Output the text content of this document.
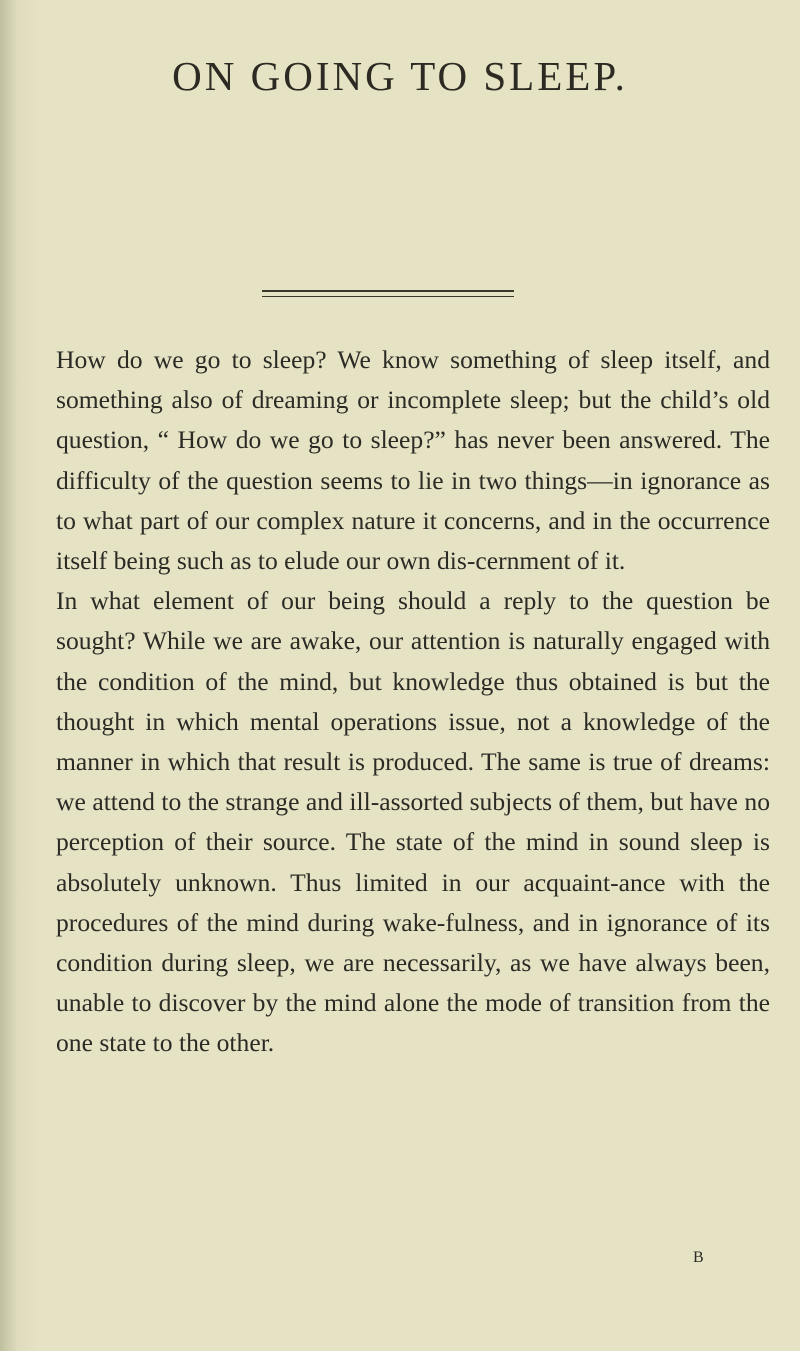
ON GOING TO SLEEP.

How do we go to sleep? We know something of sleep itself, and something also of dreaming or incomplete sleep; but the child’s old question, “ How do we go to sleep?” has never been answered. The difficulty of the question seems to lie in two things—in ignorance as to what part of our complex nature it concerns, and in the occurrence itself being such as to elude our own dis-cernment of it.

In what element of our being should a reply to the question be sought? While we are awake, our attention is naturally engaged with the condition of the mind, but knowledge thus obtained is but the thought in which mental operations issue, not a knowledge of the manner in which that result is produced. The same is true of dreams: we attend to the strange and ill-assorted subjects of them, but have no perception of their source. The state of the mind in sound sleep is absolutely unknown. Thus limited in our acquaint-ance with the procedures of the mind during wake-fulness, and in ignorance of its condition during sleep, we are necessarily, as we have always been, unable to discover by the mind alone the mode of transition from the one state to the other.

B
